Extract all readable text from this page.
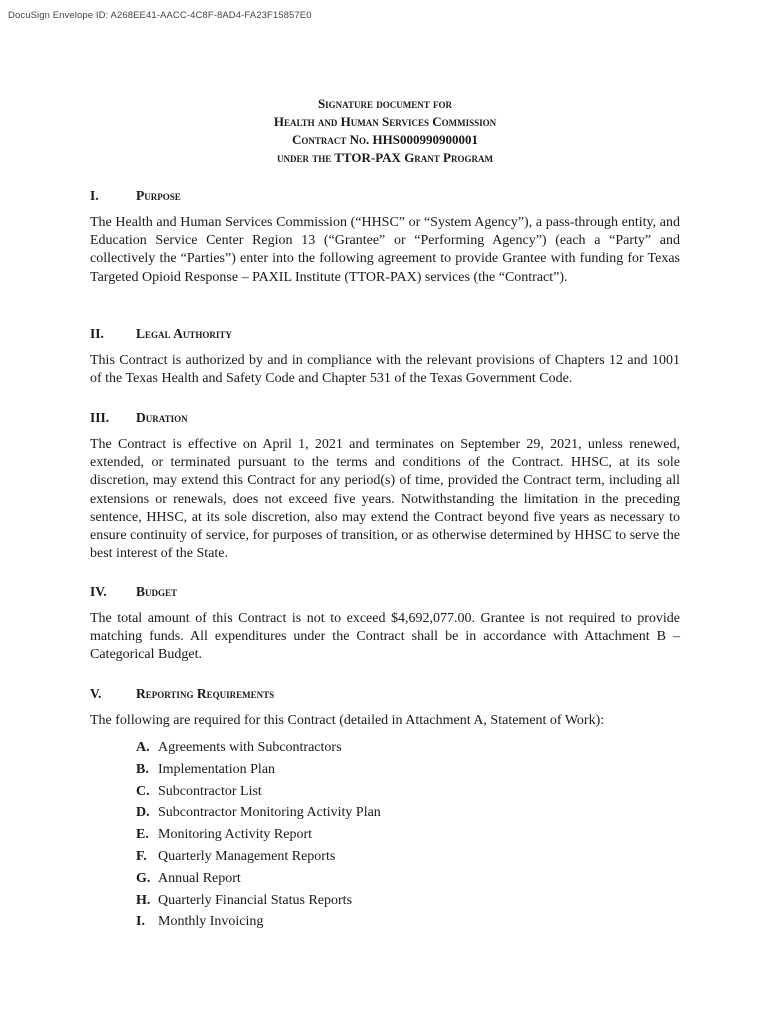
DocuSign Envelope ID: A268EE41-AACC-4C8F-8AD4-FA23F15857E0
Signature document for
Health and Human Services Commission
Contract No. HHS000990900001
under the TTOR-PAX Grant Program
I.	Purpose

The Health and Human Services Commission (“HHSC” or “System Agency”), a pass-through entity, and Education Service Center Region 13 (“Grantee” or “Performing Agency”) (each a “Party” and collectively the “Parties”) enter into the following agreement to provide Grantee with funding for Texas Targeted Opioid Response – PAXIL Institute (TTOR-PAX) services (the “Contract”).

II. Legal Authority

This Contract is authorized by and in compliance with the relevant provisions of Chapters 12 and 1001 of the Texas Health and Safety Code and Chapter 531 of the Texas Government Code.

III. Duration

The Contract is effective on April 1, 2021 and terminates on September 29, 2021, unless renewed, extended, or terminated pursuant to the terms and conditions of the Contract. HHSC, at its sole discretion, may extend this Contract for any period(s) of time, provided the Contract term, including all extensions or renewals, does not exceed five years. Notwithstanding the limitation in the preceding sentence, HHSC, at its sole discretion, also may extend the Contract beyond five years as necessary to ensure continuity of service, for purposes of transition, or as otherwise determined by HHSC to serve the best interest of the State.

IV. Budget

The total amount of this Contract is not to exceed $4,692,077.00. Grantee is not required to provide matching funds. All expenditures under the Contract shall be in accordance with Attachment B – Categorical Budget.

V.	Reporting Requirements

The following are required for this Contract (detailed in Attachment A, Statement of Work):

A. Agreements with Subcontractors
B. Implementation Plan
C. Subcontractor List
D. Subcontractor Monitoring Activity Plan
E. Monitoring Activity Report
F. Quarterly Management Reports
G. Annual Report
H. Quarterly Financial Status Reports
I. Monthly Invoicing
